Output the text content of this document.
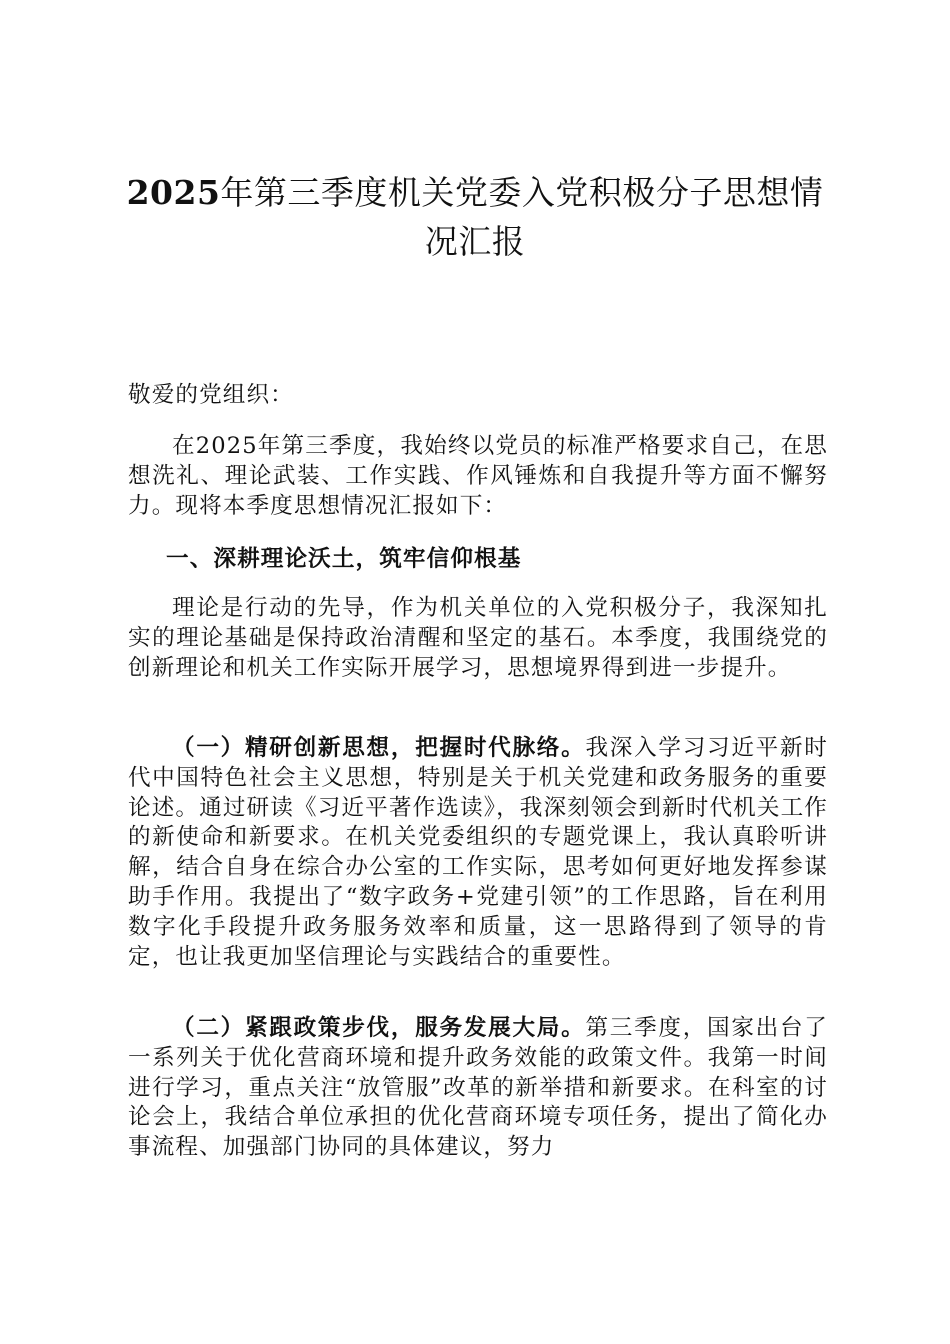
2025年第三季度机关党委入党积极分子思想情况汇报
敬爱的党组织：
在2025年第三季度，我始终以党员的标准严格要求自己，在思想洗礼、理论武装、工作实践、作风锤炼和自我提升等方面不懈努力。现将本季度思想情况汇报如下：
一、深耕理论沃土，筑牢信仰根基
理论是行动的先导，作为机关单位的入党积极分子，我深知扎实的理论基础是保持政治清醒和坚定的基石。本季度，我围绕党的创新理论和机关工作实际开展学习，思想境界得到进一步提升。
（一）精研创新思想，把握时代脉络。我深入学习习近平新时代中国特色社会主义思想，特别是关于机关党建和政务服务的重要论述。通过研读《习近平著作选读》，我深刻领会到新时代机关工作的新使命和新要求。在机关党委组织的专题党课上，我认真聆听讲解，结合自身在综合办公室的工作实际，思考如何更好地发挥参谋助手作用。我提出了“数字政务+党建引领”的工作思路，旨在利用数字化手段提升政务服务效率和质量，这一思路得到了领导的肯定，也让我更加坚信理论与实践结合的重要性。
（二）紧跟政策步伐，服务发展大局。第三季度，国家出台了一系列关于优化营商环境和提升政务效能的政策文件。我第一时间进行学习，重点关注“放管服”改革的新举措和新要求。在科室的讨论会上，我结合单位承担的优化营商环境专项任务，提出了简化办事流程、加强部门协同的具体建议，努力
